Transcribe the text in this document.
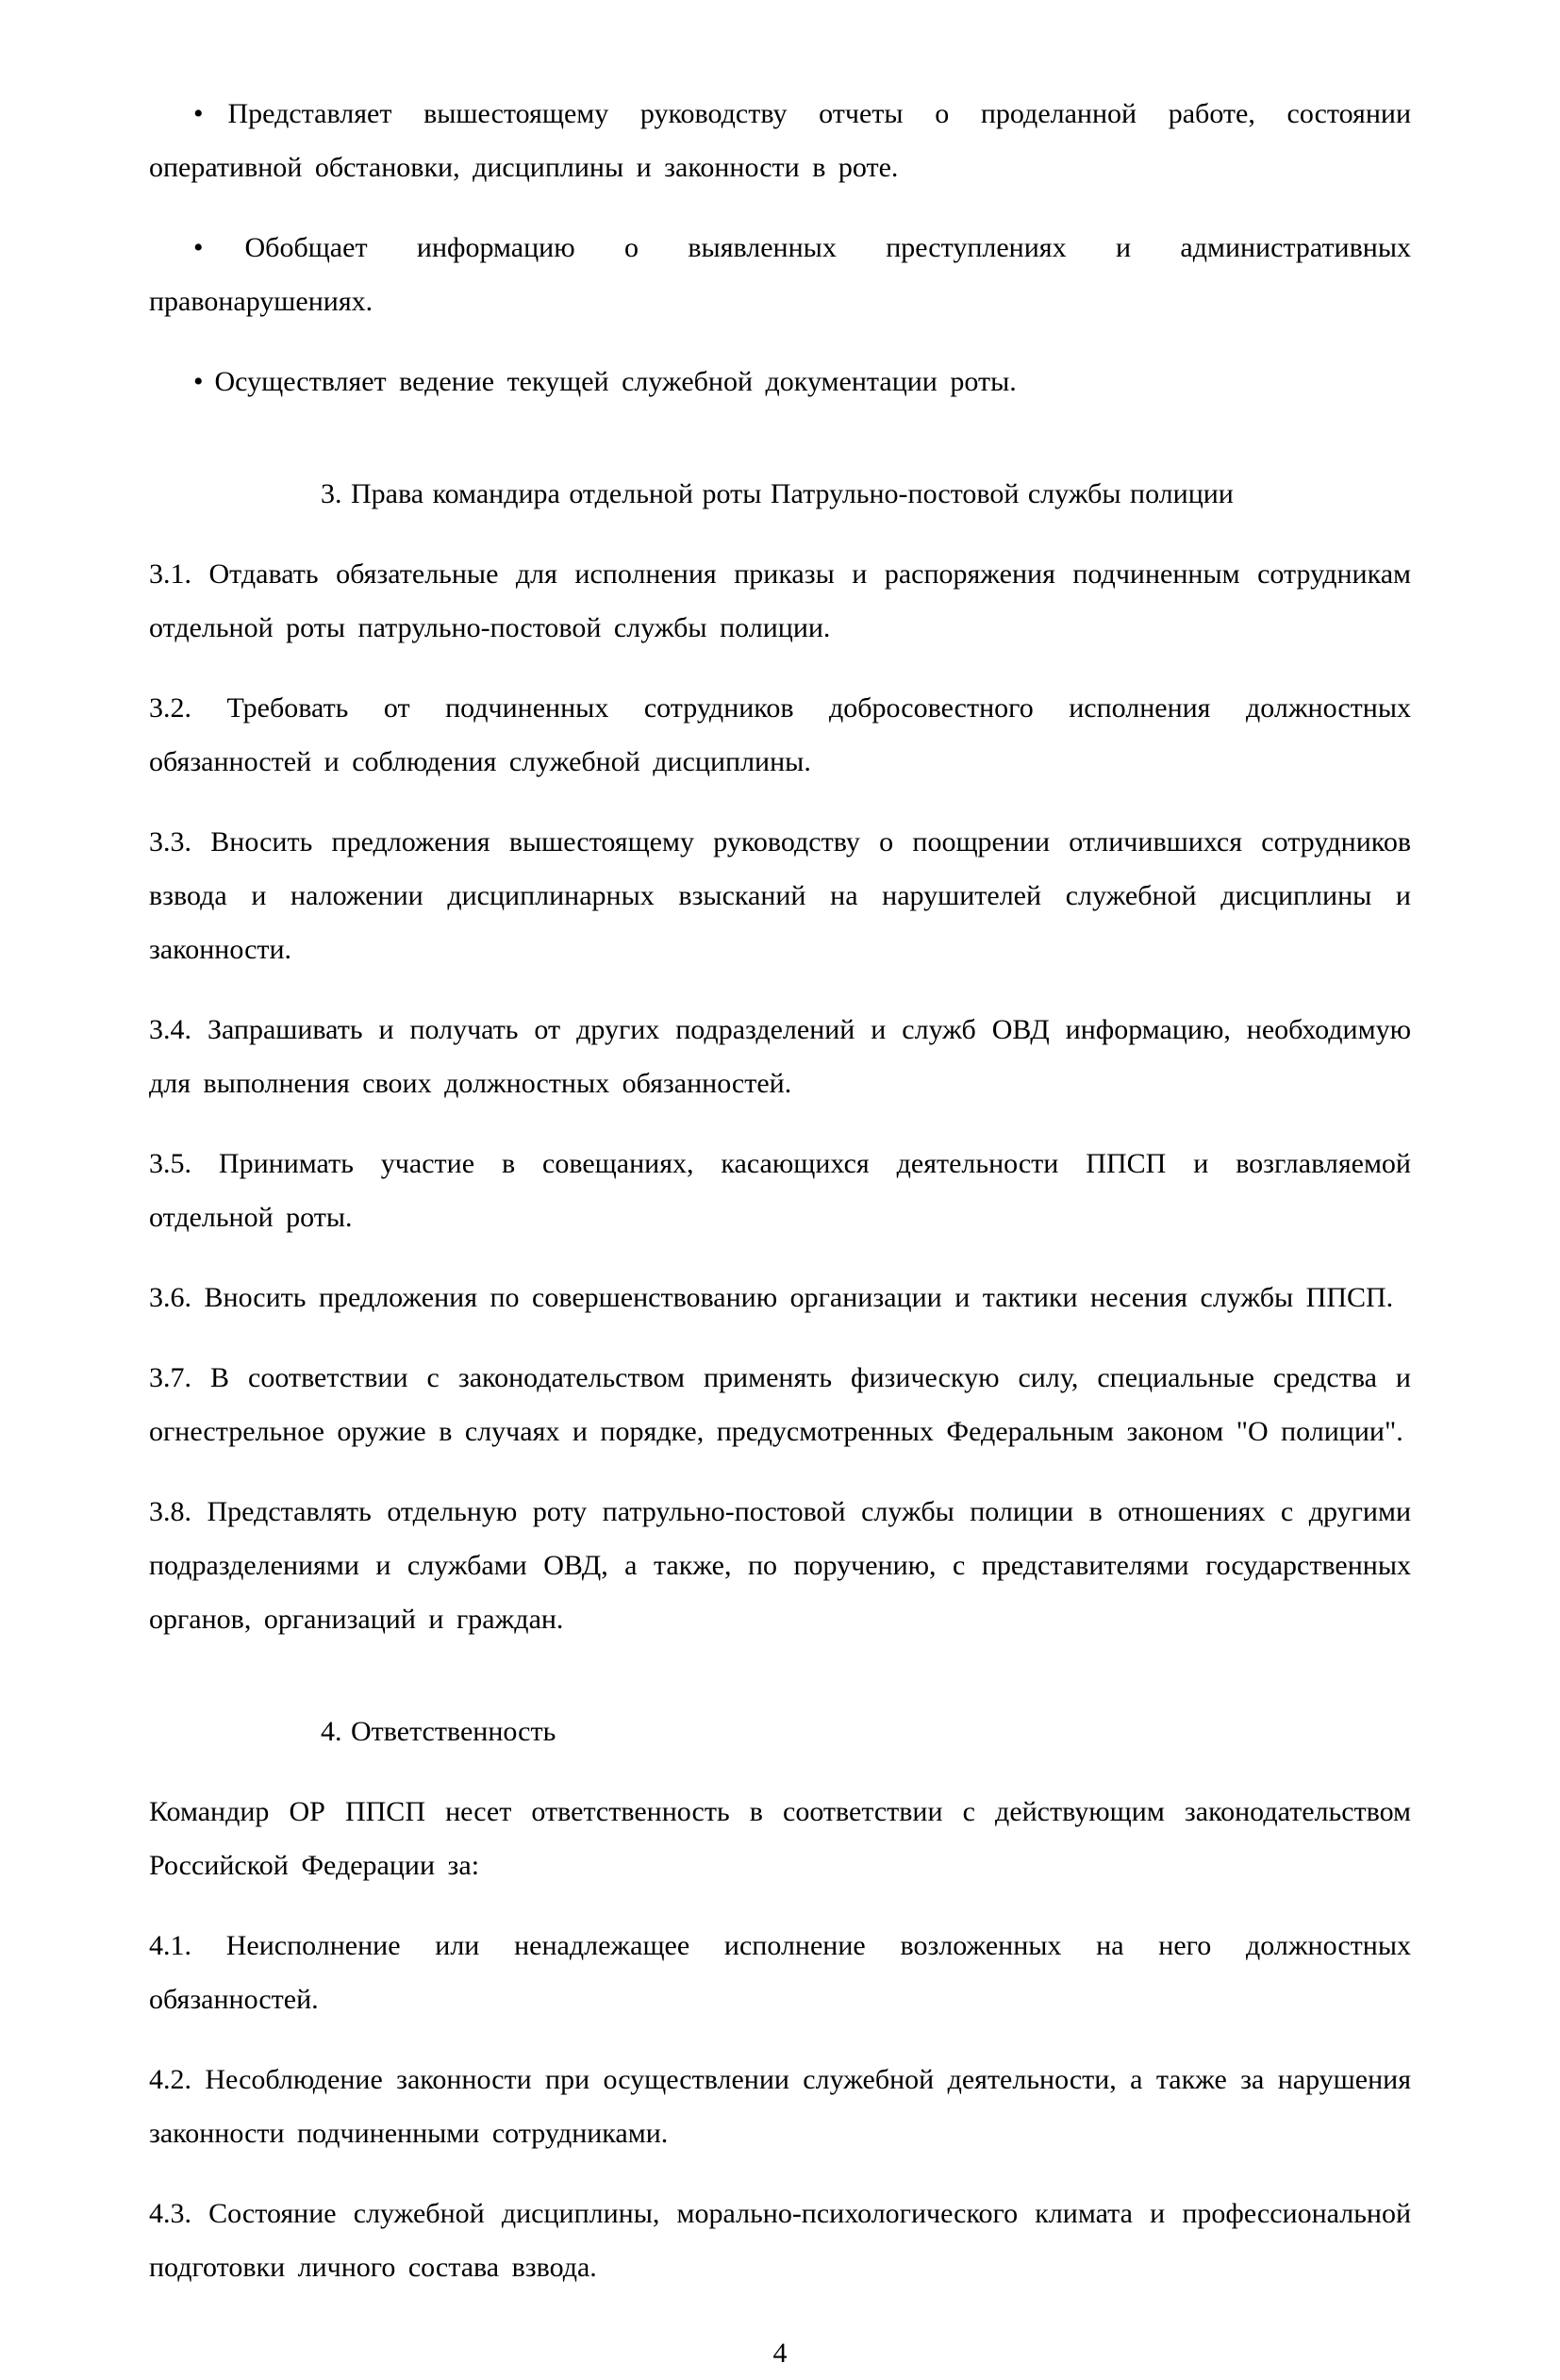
• Представляет вышестоящему руководству отчеты о проделанной работе, состоянии оперативной обстановки, дисциплины и законности в роте.

• Обобщает информацию о выявленных преступлениях и административных правонарушениях.

• Осуществляет ведение текущей служебной документации роты.

3. Права командира отдельной роты Патрульно-постовой службы полиции

3.1. Отдавать обязательные для исполнения приказы и распоряжения подчиненным сотрудникам отдельной роты патрульно-постовой службы полиции.

3.2. Требовать от подчиненных сотрудников добросовестного исполнения должностных обязанностей и соблюдения служебной дисциплины.

3.3. Вносить предложения вышестоящему руководству о поощрении отличившихся сотрудников взвода и наложении дисциплинарных взысканий на нарушителей служебной дисциплины и законности.

3.4. Запрашивать и получать от других подразделений и служб ОВД информацию, необходимую для выполнения своих должностных обязанностей.

3.5. Принимать участие в совещаниях, касающихся деятельности ППСП и возглавляемой отдельной роты.

3.6. Вносить предложения по совершенствованию организации и тактики несения службы ППСП.

3.7. В соответствии с законодательством применять физическую силу, специальные средства и огнестрельное оружие в случаях и порядке, предусмотренных Федеральным законом "О полиции".

3.8. Представлять отдельную роту патрульно-постовой службы полиции в отношениях с другими подразделениями и службами ОВД, а также, по поручению, с представителями государственных органов, организаций и граждан.

4. Ответственность

Командир ОР ППСП несет ответственность в соответствии с действующим законодательством Российской Федерации за:

4.1. Неисполнение или ненадлежащее исполнение возложенных на него должностных обязанностей.

4.2. Несоблюдение законности при осуществлении служебной деятельности, а также за нарушения законности подчиненными сотрудниками.

4.3. Состояние служебной дисциплины, морально-психологического климата и профессиональной подготовки личного состава взвода.

4
